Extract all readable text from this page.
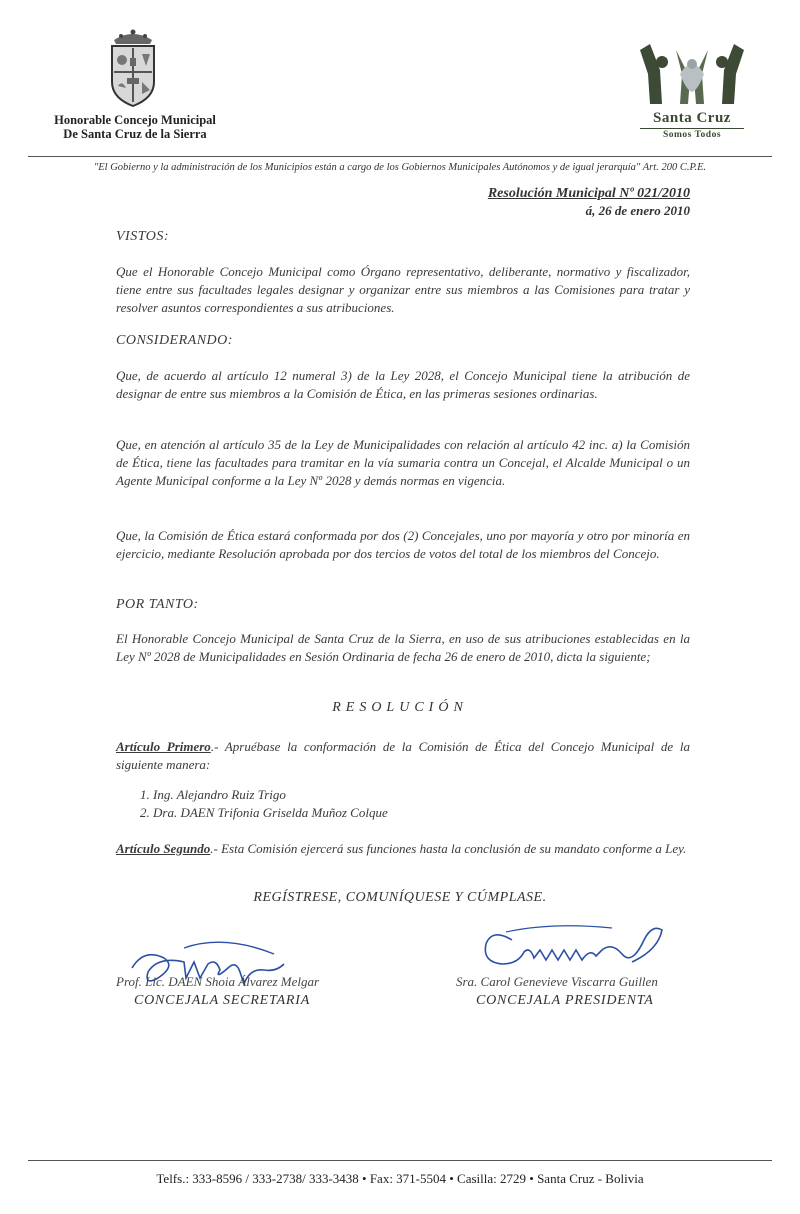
Honorable Concejo Municipal
De Santa Cruz de la Sierra
Santa Cruz
Somos Todos
"El Gobierno y la administración de los Municipios están a cargo de los Gobiernos Municipales Autónomos y de igual jerarquía" Art. 200 C.P.E.
Resolución Municipal Nº 021/2010
á, 26 de enero 2010
VISTOS:
Que el Honorable Concejo Municipal como Órgano representativo, deliberante, normativo y fiscalizador, tiene entre sus facultades legales designar y organizar entre sus miembros a las Comisiones para tratar y resolver asuntos correspondientes a sus atribuciones.
CONSIDERANDO:
Que, de acuerdo al artículo 12 numeral 3) de la Ley 2028, el Concejo Municipal tiene la atribución de designar de entre sus miembros a la Comisión de Ética, en las primeras sesiones ordinarias.
Que, en atención al artículo 35 de la Ley de Municipalidades con relación al artículo 42 inc. a) la Comisión de Ética, tiene las facultades para tramitar en la vía sumaria contra un Concejal, el Alcalde Municipal o un Agente Municipal conforme a la Ley Nº 2028 y demás normas en vigencia.
Que, la Comisión de Ética estará conformada por dos (2) Concejales, uno por mayoría y otro por minoría en ejercicio, mediante Resolución aprobada por dos tercios de votos del total de los miembros del Concejo.
POR TANTO:
El Honorable Concejo Municipal de Santa Cruz de la Sierra, en uso de sus atribuciones establecidas en la Ley Nº 2028 de Municipalidades en Sesión Ordinaria de fecha 26 de enero de 2010, dicta la siguiente;
RESOLUCIÓN
Artículo Primero.- Apruébase la conformación de la Comisión de Ética del Concejo Municipal de la siguiente manera:
1. Ing. Alejandro Ruiz Trigo
2. Dra. DAEN Trifonia Griselda Muñoz Colque
Artículo Segundo.- Esta Comisión ejercerá sus funciones hasta la conclusión de su mandato conforme a Ley.
REGÍSTRESE, COMUNÍQUESE Y CÚMPLASE.
Prof. Lic. DAEN Shoia Álvarez Melgar
CONCEJALA SECRETARIA
Sra. Carol Genevieve Viscarra Guillen
CONCEJALA PRESIDENTA
Telfs.: 333-8596 / 333-2738/ 333-3438 • Fax: 371-5504 • Casilla: 2729 • Santa Cruz - Bolivia
